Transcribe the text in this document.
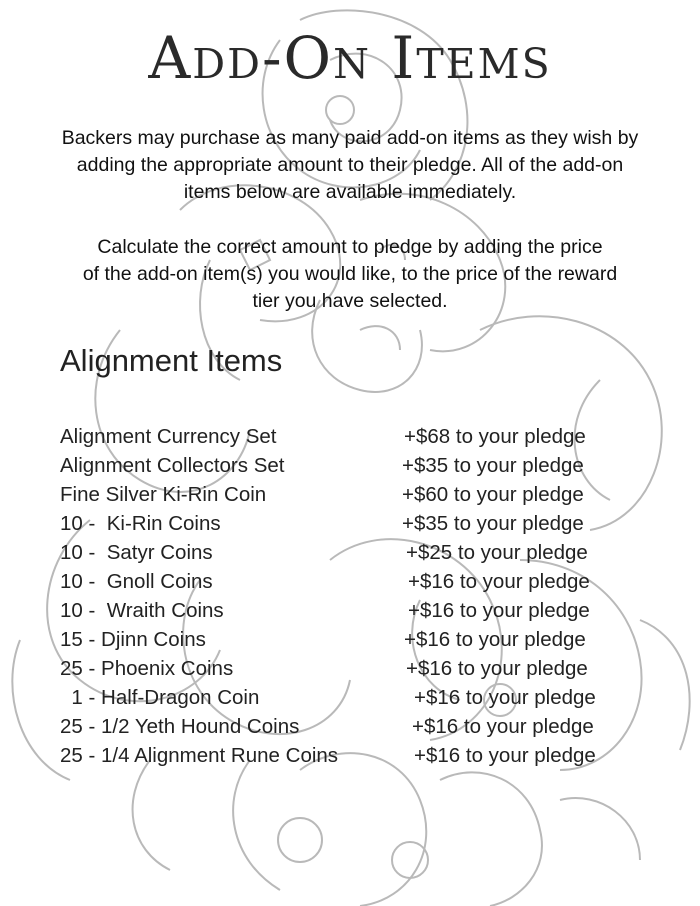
Add-On Items
Backers may purchase as many paid add-on items as they wish by
adding the appropriate amount to their pledge. All of the add-on
items below are available immediately.
Calculate the correct amount to pledge by adding the price
of the add-on item(s) you would like, to the price of the reward
tier you have selected.
Alignment Items
Alignment Currency Set	+$68 to your pledge
Alignment Collectors Set	+$35 to your pledge
Fine Silver Ki-Rin Coin	+$60 to your pledge
10 -  Ki-Rin Coins	+$35 to your pledge
10 -  Satyr Coins	+$25 to your pledge
10 -  Gnoll Coins	+$16 to your pledge
10 -  Wraith Coins	+$16 to your pledge
15 - Djinn Coins	+$16 to your pledge
25 - Phoenix Coins	+$16 to your pledge
1 - Half-Dragon Coin	+$16 to your pledge
25 - 1/2 Yeth Hound Coins	+$16 to your pledge
25 - 1/4 Alignment Rune Coins	+$16 to your pledge
